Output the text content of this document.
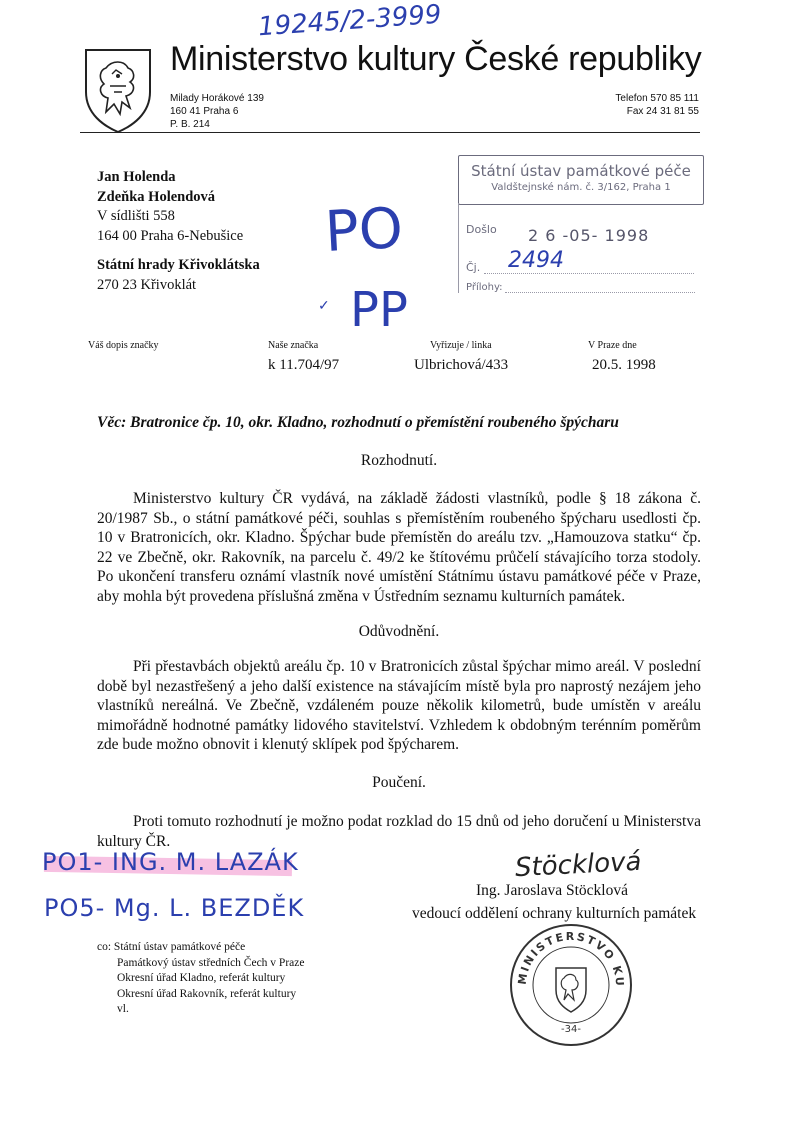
19245/2-3999
Ministerstvo kultury České republiky
Milady Horákové 139
160 41 Praha 6
P. B. 214
Telefon 570 85 111
Fax 24 31 81 55
Jan Holenda
Zdeňka Holendová
V sídlišti 558
164 00 Praha 6-Nebušice
Státní hrady Křivoklátska
270 23 Křivoklát
PO
✓ PP
Státní ústav památkové péče
Valdštejnské nám. č. 3/162, Praha 1
Došlo 2 6 -05- 1998
Čj. 2494
Přílohy:
Váš dopis značky	Naše značka
k 11.704/97
Vyřizuje / linka
Ulbrichová/433
V Praze dne
20.5. 1998
Věc: Bratronice čp. 10, okr. Kladno, rozhodnutí o přemístění roubeného špýcharu
Rozhodnutí.
Ministerstvo kultury ČR vydává, na základě žádosti vlastníků, podle § 18 zákona č. 20/1987 Sb., o státní památkové péči, souhlas s přemístěním roubeného špýcharu usedlosti čp. 10 v Bratronicích, okr. Kladno. Špýchar bude přemístěn do areálu tzv. „Hamouzova statku“ čp. 22 ve Zbečně, okr. Rakovník, na parcelu č. 49/2 ke štítovému průčelí stávajícího torza stodoly. Po ukončení transferu oznámí vlastník nové umístění Státnímu ústavu památkové péče v Praze, aby mohla být provedena příslušná změna v Ústředním seznamu kulturních památek.
Odůvodnění.
Při přestavbách objektů areálu čp. 10 v Bratronicích zůstal špýchar mimo areál. V poslední době byl nezastřešený a jeho další existence na stávajícím místě byla pro naprostý nezájem jeho vlastníků nereálná. Ve Zbečně, vzdáleném pouze několik kilometrů, bude umístěn v areálu mimořádně hodnotné památky lidového stavitelství. Vzhledem k obdobným terénním poměrům zde bude možno obnovit i klenutý sklípek pod špýcharem.
Poučení.
Proti tomuto rozhodnutí je možno podat rozklad do 15 dnů od jeho doručení u Ministerstva kultury ČR.
PO1- ING. M. LAZÁK
PO5- Mg. L. BEZDĚK
Stöcklová
Ing. Jaroslava Stöcklová
vedoucí oddělení ochrany kulturních památek
co: Státní ústav památkové péče
Památkový ústav středních Čech v Praze
Okresní úřad Kladno, referát kultury
Okresní úřad Rakovník, referát kultury
vl.
MINISTERSTVO KU
-34-
